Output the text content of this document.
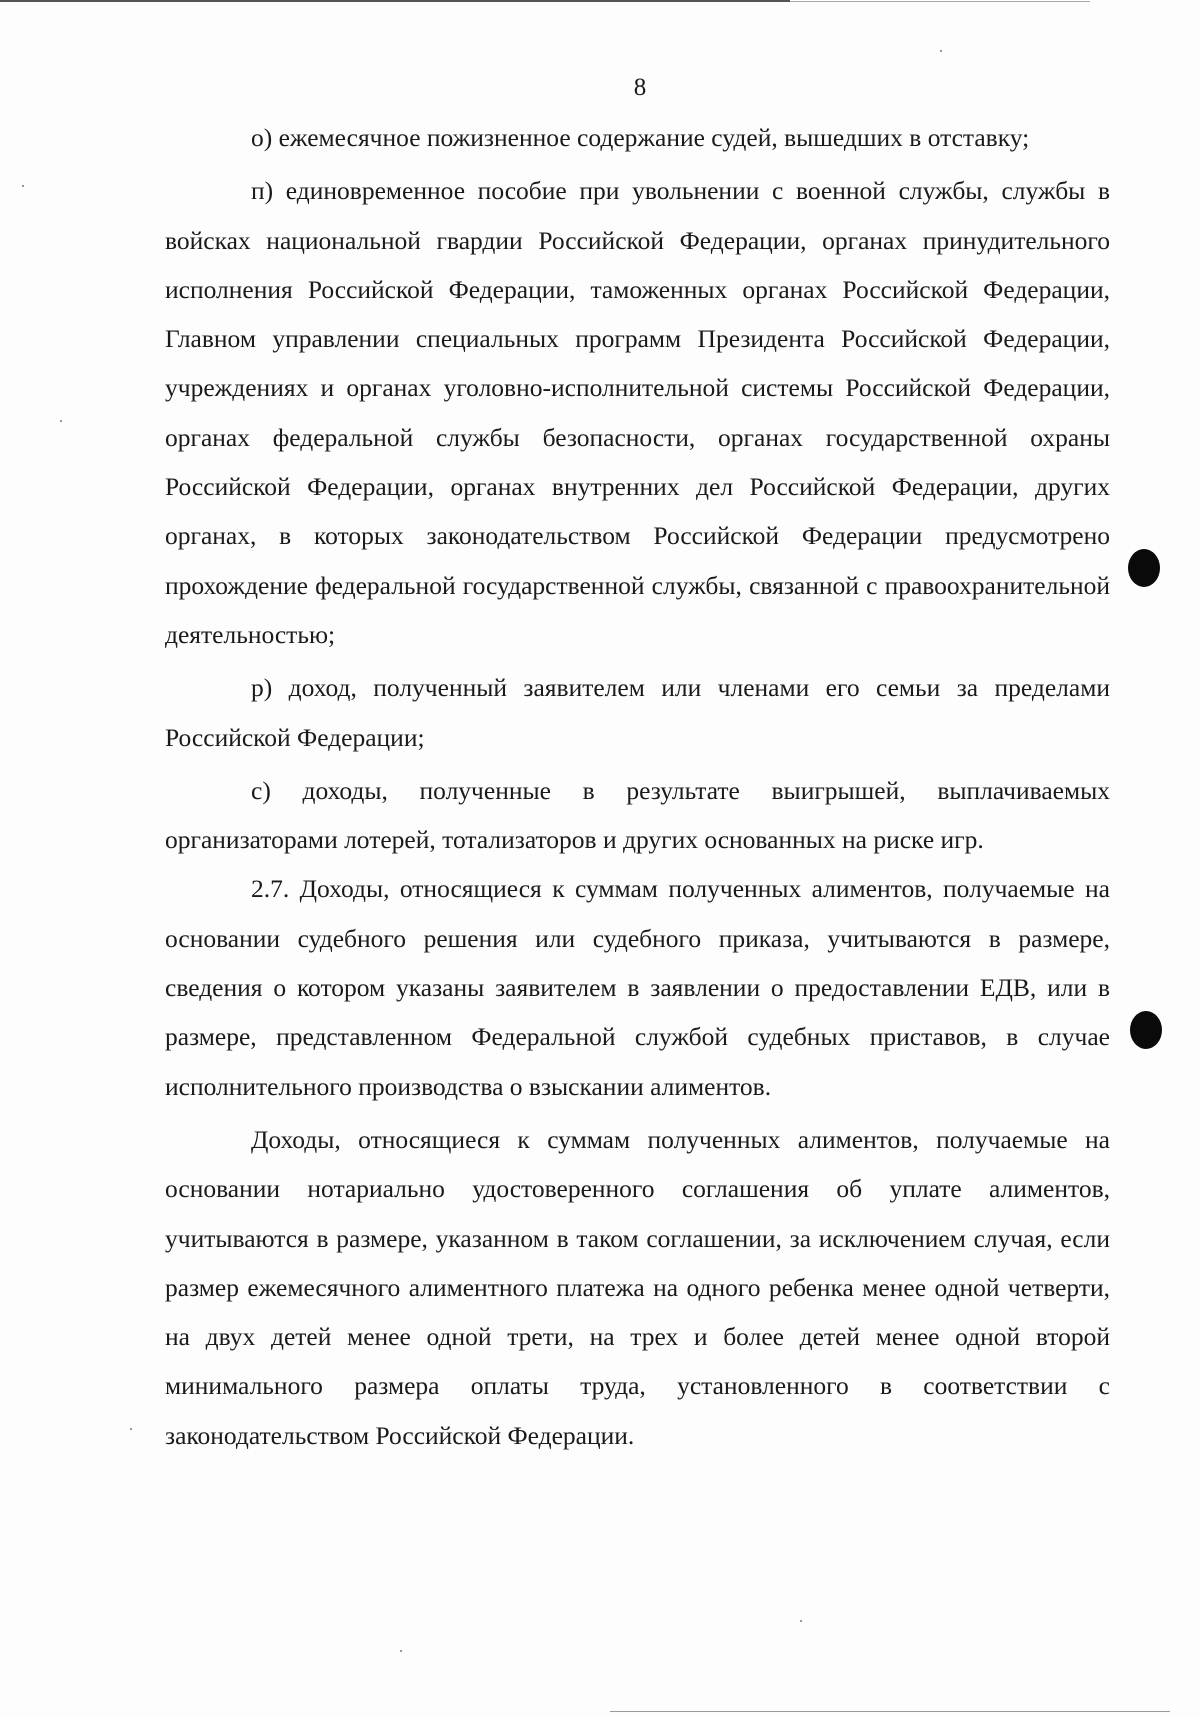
8

о) ежемесячное пожизненное содержание судей, вышедших в отставку;

п) единовременное пособие при увольнении с военной службы, службы в войсках национальной гвардии Российской Федерации, органах принудительного исполнения Российской Федерации, таможенных органах Российской Федерации, Главном управлении специальных программ Президента Российской Федерации, учреждениях и органах уголовно-исполнительной системы Российской Федерации, органах федеральной службы безопасности, органах государственной охраны Российской Федерации, органах внутренних дел Российской Федерации, других органах, в которых законодательством Российской Федерации предусмотрено прохождение федеральной государственной службы, связанной с правоохранительной деятельностью;

р) доход, полученный заявителем или членами его семьи за пределами Российской Федерации;

с) доходы, полученные в результате выигрышей, выплачиваемых организаторами лотерей, тотализаторов и других основанных на риске игр.

2.7. Доходы, относящиеся к суммам полученных алиментов, получаемые на основании судебного решения или судебного приказа, учитываются в размере, сведения о котором указаны заявителем в заявлении о предоставлении ЕДВ, или в размере, представленном Федеральной службой судебных приставов, в случае исполнительного производства о взыскании алиментов.

Доходы, относящиеся к суммам полученных алиментов, получаемые на основании нотариально удостоверенного соглашения об уплате алиментов, учитываются в размере, указанном в таком соглашении, за исключением случая, если размер ежемесячного алиментного платежа на одного ребенка менее одной четверти, на двух детей менее одной трети, на трех и более детей менее одной второй минимального размера оплаты труда, установленного в соответствии с законодательством Российской Федерации.
